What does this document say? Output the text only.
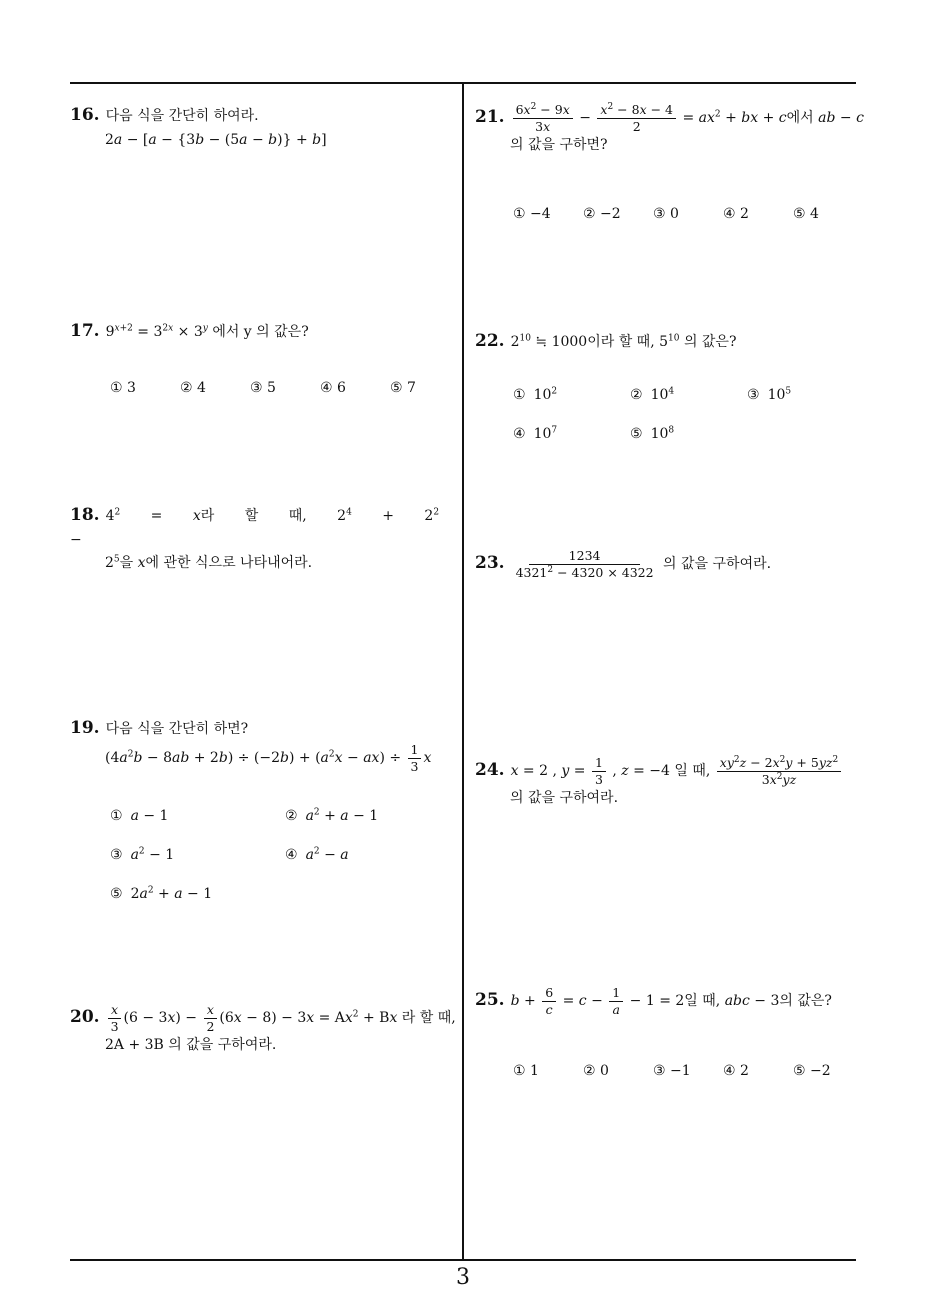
3
16. 다음 식을 간단히 하여라.
2a − [a − {3b − (5a − b)} + b]
17. $9^{x+2} = 3^{2x} \times 3^y$ 에서 y 의 값은?
① 3	② 4	③ 5	④ 6	⑤ 7
18. $4^2 = x$라 할 때, $2^4 + 2^2$ −
$2^5$을 x에 관한 식으로 나타내어라.
19. 다음 식을 간단히 하면?
$(4a^2b - 8ab + 2b) \div (-2b) + (a^2x - ax) \div \frac{1}{3}$ x
① a − 1	② $a^2 + a - 1$
③ $a^2 - 1$	④ $a^2 - a$
⑤ $2a^2 + a - 1$
20. $\frac{x}{3} (6 - 3x) - \frac{x}{2} (6x - 8) - 3x = Ax^2 + Bx$ 라 할 때,
2A + 3B 의 값을 구하여라.
21. $\frac{6x^2 - 9x}{3x} - \frac{x^2 - 8x - 4}{2} = ax^2$ + bx + c에서 ab − c
의 값을 구하면?
① −4 ② −2 ③ 0	④ 2	⑤ 4
22. $2^{10}$ ≒ 1000이라 할 때, $5^{10}$ 의 값은?
① $10^2$	② $10^4$	③ $10^5$
④ $10^7$	⑤ $10^8$
23. $\frac{1234}{4321^2 - 4320 \times 4322}$ 의 값을 구하여라.
24. x = 2 , $y = \frac{1}{3}$ , z = −4 일 때, $\frac{xy^2z - 2x^2y + 5yz^2}{3x^2yz}$
의 값을 구하여라.
25. $b + \frac{6}{c} = c - \frac{1}{a} - 1 = 2$일 때, abc − 3의 값은?
① 1	② 0	③ −1 ④ 2	⑤ −2
